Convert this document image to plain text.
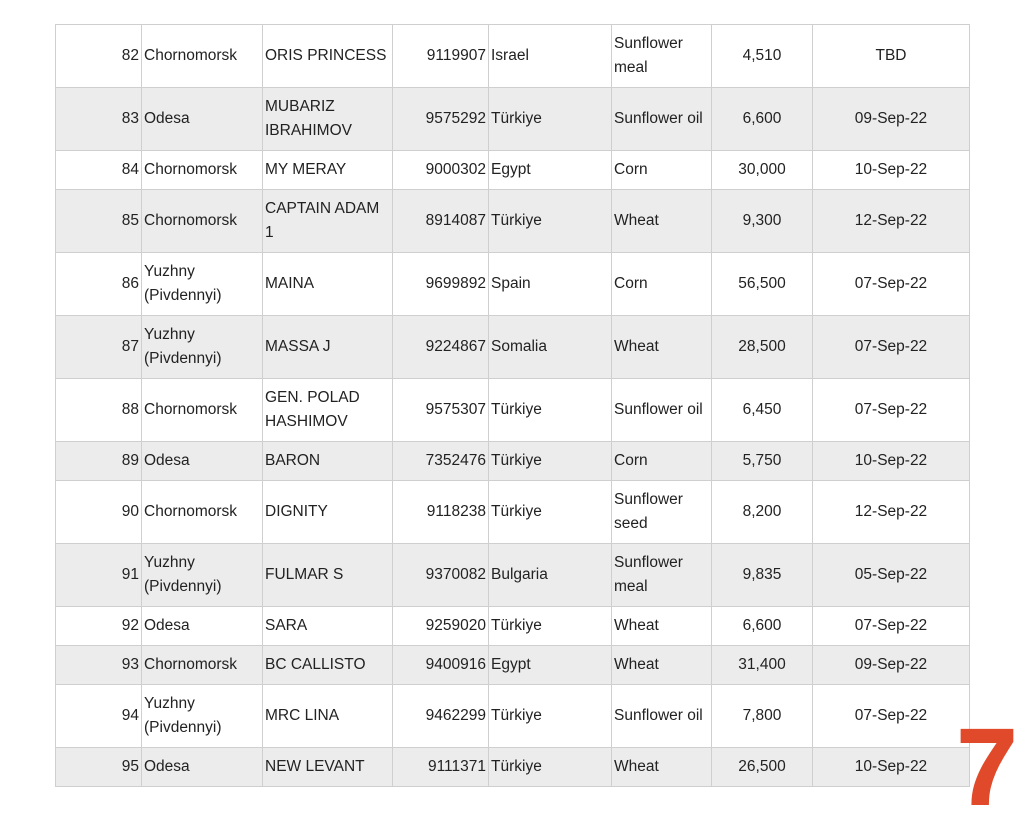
82	Chornomorsk	ORIS PRINCESS	9119907	Israel	Sunflower meal	4,510	TBD
83	Odesa	MUBARIZ IBRAHIMOV	9575292	Türkiye	Sunflower oil	6,600	09-Sep-22
84	Chornomorsk	MY MERAY	9000302	Egypt	Corn	30,000	10-Sep-22
85	Chornomorsk	CAPTAIN ADAM 1	8914087	Türkiye	Wheat	9,300	12-Sep-22
86	Yuzhny (Pivdennyi)	MAINA	9699892	Spain	Corn	56,500	07-Sep-22
87	Yuzhny (Pivdennyi)	MASSA J	9224867	Somalia	Wheat	28,500	07-Sep-22
88	Chornomorsk	GEN. POLAD HASHIMOV	9575307	Türkiye	Sunflower oil	6,450	07-Sep-22
89	Odesa	BARON	7352476	Türkiye	Corn	5,750	10-Sep-22
90	Chornomorsk	DIGNITY	9118238	Türkiye	Sunflower seed	8,200	12-Sep-22
91	Yuzhny (Pivdennyi)	FULMAR S	9370082	Bulgaria	Sunflower meal	9,835	05-Sep-22
92	Odesa	SARA	9259020	Türkiye	Wheat	6,600	07-Sep-22
93	Chornomorsk	BC CALLISTO	9400916	Egypt	Wheat	31,400	09-Sep-22
94	Yuzhny (Pivdennyi)	MRC LINA	9462299	Türkiye	Sunflower oil	7,800	07-Sep-22
95	Odesa	NEW LEVANT	9111371	Türkiye	Wheat	26,500	10-Sep-22 7
